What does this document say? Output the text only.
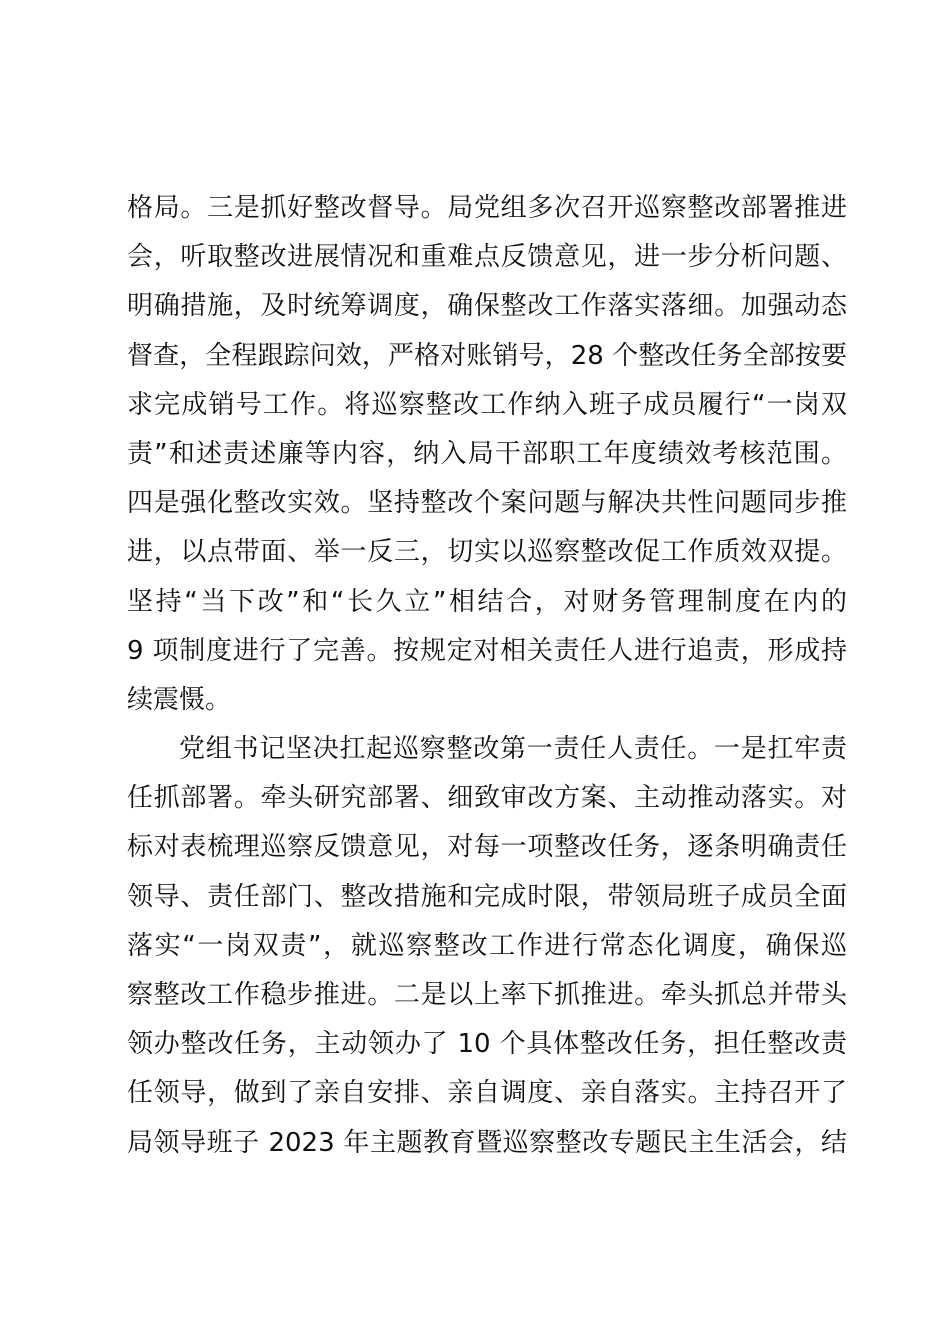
格局。三是抓好整改督导。局党组多次召开巡察整改部署推进
会，听取整改进展情况和重难点反馈意见，进一步分析问题、
明确措施，及时统筹调度，确保整改工作落实落细。加强动态
督查，全程跟踪问效，严格对账销号，28 个整改任务全部按要
求完成销号工作。将巡察整改工作纳入班子成员履行“一岗双
责”和述责述廉等内容，纳入局干部职工年度绩效考核范围。
四是强化整改实效。坚持整改个案问题与解决共性问题同步推
进，以点带面、举一反三，切实以巡察整改促工作质效双提。
坚持“当下改”和“长久立”相结合，对财务管理制度在内的
9 项制度进行了完善。按规定对相关责任人进行追责，形成持
续震慑。
党组书记坚决扛起巡察整改第一责任人责任。一是扛牢责
任抓部署。牵头研究部署、细致审改方案、主动推动落实。对
标对表梳理巡察反馈意见，对每一项整改任务，逐条明确责任
领导、责任部门、整改措施和完成时限，带领局班子成员全面
落实“一岗双责”，就巡察整改工作进行常态化调度，确保巡
察整改工作稳步推进。二是以上率下抓推进。牵头抓总并带头
领办整改任务，主动领办了 10 个具体整改任务，担任整改责
任领导，做到了亲自安排、亲自调度、亲自落实。主持召开了
局领导班子 2023 年主题教育暨巡察整改专题民主生活会，结
